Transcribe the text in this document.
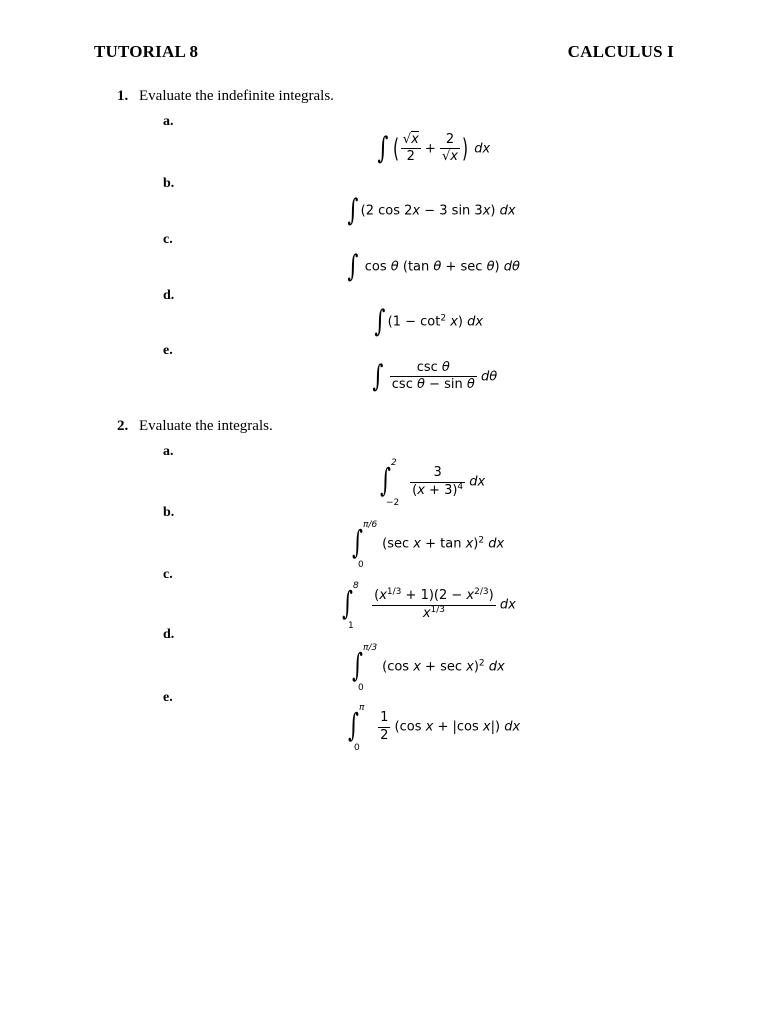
TUTORIAL 8	CALCULUS I
1. Evaluate the indefinite integrals.
a.
∫ ( $\frac{√x}{2} + \frac{2}{√x}$ ) dx
b.
∫ (2 cos 2x − 3 sin 3x) dx
c.
∫ cos θ (tan θ + sec θ) dθ
d.
∫ $(1 - \cot^2 x)$ dx
e.
∫ $\frac{\text{csc θ}}{\text{csc θ − sin θ}}$ dθ
2. Evaluate the integrals.
a.
∫ 2
−2

$\frac{3}{(x + 3)^4}$ dx
b.
∫ π/6
0
(sec x + tan x)$^2$ dx
c.
∫ 8
1

$\frac{(x^{1/3} + 1)(2 - x^{2/3})}{x^{1/3}}$ dx
d.
∫ π/3
0
(cos x + sec x)$^2$ dx
e.
∫ π
0

$\frac{1}{2} (\cos$ x + |cos x|) dx
